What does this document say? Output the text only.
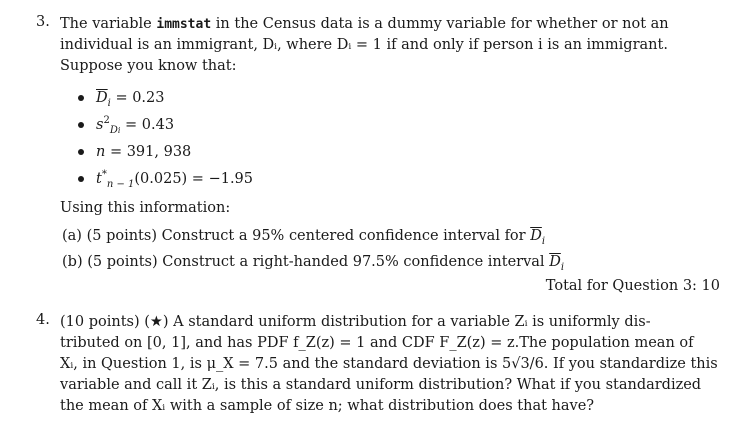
3. The variable immstat in the Census data is a dummy variable for whether or not an
individual is an immigrant, Dᵢ, where Dᵢ = 1 if and only if person i is an immigrant.
Suppose you know that:
$\overline{D}_i = 0.23$
$s^2_{Di} = 0.43$
n = 391, 938
$t^*_{n - 1}(0.025) = -1.95$
Using this information:
(a) (5 points) Construct a 95% centered confidence interval for $\overline{D}_i$
(b) (5 points) Construct a right-handed 97.5% confidence interval $\overline{D}_i$
Total for Question 3: 10
4. (10 points) (★) A standard uniform distribution for a variable Zᵢ is uniformly dis-
tributed on [0, 1], and has PDF f_Z(z) = 1 and CDF F_Z(z) = z.The population mean of
Xᵢ, in Question 1, is μ_X = 7.5 and the standard deviation is 5√3/6. If you standardize this
variable and call it Zᵢ, is this a standard uniform distribution? What if you standardized
the mean of Xᵢ with a sample of size n; what distribution does that have?
